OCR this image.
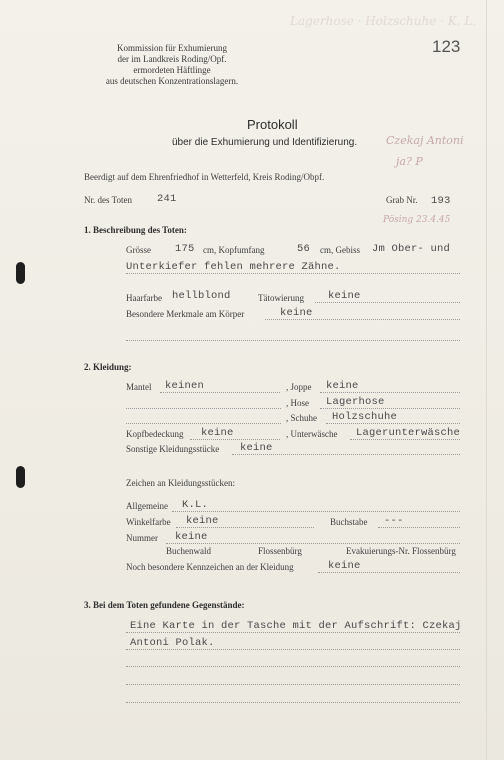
Kommission für Exhumierung
der im Landkreis Roding/Opf.
ermordeten Häftlinge
aus deutschen Konzentrationslagern.
Lagerhose · Holzschuhe · K. L.
123
Protokoll
über die Exhumierung und Identifizierung.	Czekaj Antoni
ja? P
Beerdigt auf dem Ehrenfriedhof in Wetterfeld, Kreis Roding/Obpf.
Nr. des Toten 241	Grab Nr. 193
1. Beschreibung des Toten:
Pösing 23.4.45
Grösse 175 cm, Kopfumfang	56 cm, Gebiss Jm Ober- und
Unterkiefer fehlen mehrere Zähne.
Haarfarbe hellblond	Tätowierung keine
Besondere Merkmale am Körper	keine
2. Kleidung:
Mantel keinen	, Joppe keine
, Hose Lagerhose
, Schuhe Holzschuhe
Kopfbedeckung keine	, Unterwäsche Lagerunterwäsche
Sonstige Kleidungsstücke keine
Zeichen an Kleidungsstücken:
Allgemeine K.L.
Winkelfarbe keine	Buchstabe ---
Nummer keine
Buchenwald	Flossenbürg	Evakuierungs-Nr. Flossenbürg
Noch besondere Kennzeichen an der Kleidung	keine
3. Bei dem Toten gefundene Gegenstände:
Eine Karte in der Tasche mit der Aufschrift: Czekaj
Antoni Polak.
